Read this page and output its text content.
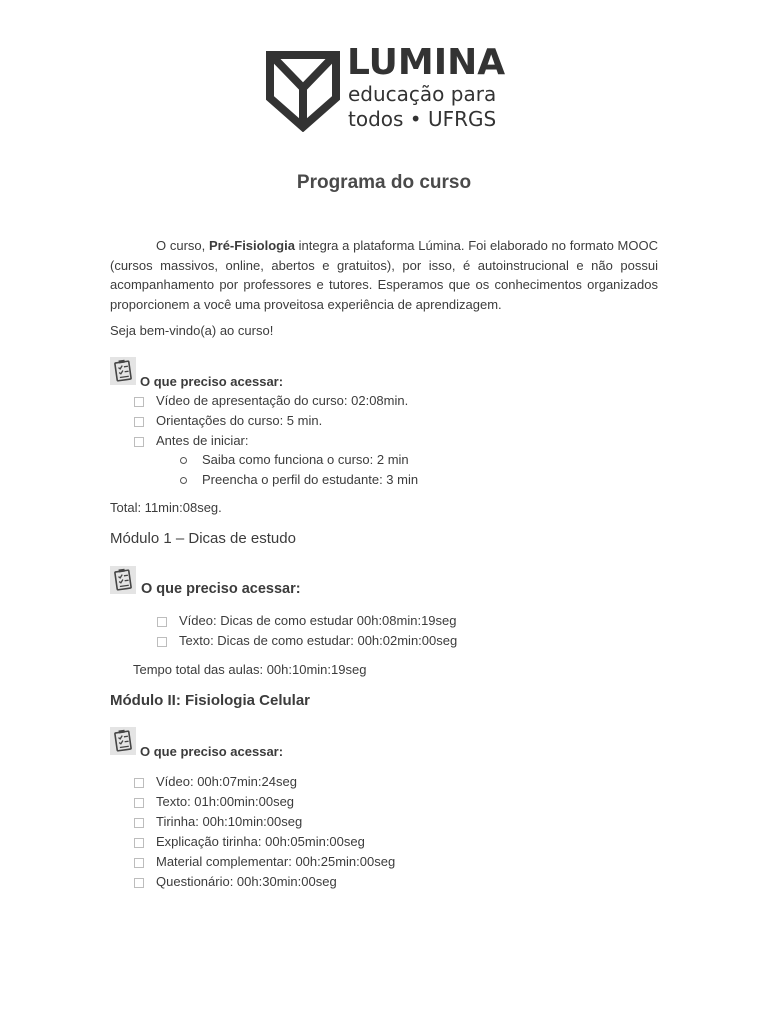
LUMINA
educação para
todos • UFRGS
Programa do curso
O curso, Pré-Fisiologia integra a plataforma Lúmina. Foi elaborado no formato MOOC (cursos massivos, online, abertos e gratuitos), por isso, é autoinstrucional e não possui acompanhamento por professores e tutores. Esperamos que os conhecimentos organizados proporcionem a você uma proveitosa experiência de aprendizagem.
Seja bem-vindo(a) ao curso!
O que preciso acessar:
Vídeo de apresentação do curso: 02:08min.
Orientações do curso: 5 min.
Antes de iniciar:
Saiba como funciona o curso: 2 min
Preencha o perfil do estudante: 3 min
Total: 11min:08seg.
Módulo 1 – Dicas de estudo
O que preciso acessar:
Vídeo: Dicas de como estudar 00h:08min:19seg
Texto: Dicas de como estudar: 00h:02min:00seg
Tempo total das aulas: 00h:10min:19seg
Módulo II: Fisiologia Celular
O que preciso acessar:
Vídeo: 00h:07min:24seg
Texto: 01h:00min:00seg
Tirinha: 00h:10min:00seg
Explicação tirinha: 00h:05min:00seg
Material complementar: 00h:25min:00seg
Questionário: 00h:30min:00seg
